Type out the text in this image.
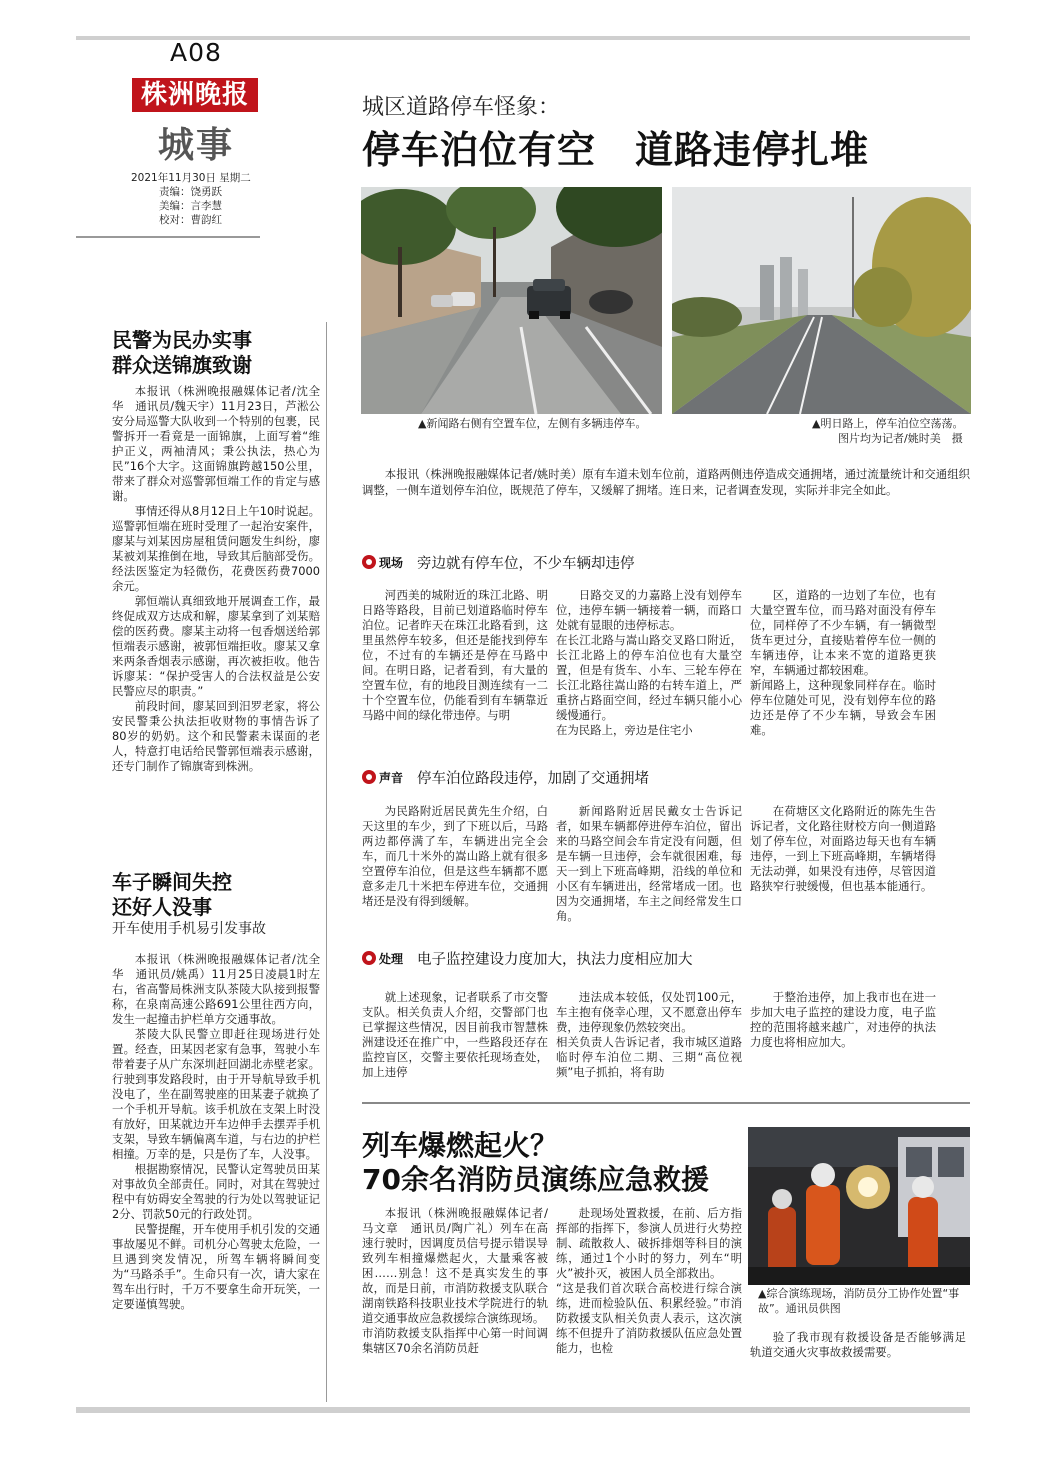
A08
株洲晚报
城事
2021年11月30日 星期二
责编：饶勇跃
美编：言李慧
校对：曹韵红
城区道路停车怪象：
停车泊位有空　道路违停扎堆
▲新闻路右侧有空置车位，左侧有多辆违停车。	▲明日路上，停车泊位空荡荡。
图片均为记者/姚时美　摄
本报讯（株洲晚报融媒体记者/姚时美）原有车道未划车位前，道路两侧违停造成交通拥堵，通过流量统计和交通组织调整，一侧车道划停车泊位，既规范了停车，又缓解了拥堵。连日来，记者调查发现，实际并非完全如此。
现场 旁边就有停车位，不少车辆却违停
河西美的城附近的珠江北路、明日路等路段，目前已划道路临时停车泊位。记者昨天在珠江北路看到，这里虽然停车较多，但还是能找到停车位，不过有的车辆还是停在马路中间。在明日路，记者看到，有大量的空置车位，有的地段目测连续有一二十个空置车位，仍能看到有车辆靠近马路中间的绿化带违停。与明
日路交叉的力嘉路上没有划停车位，违停车辆一辆接着一辆，而路口处就有显眼的违停标志。
在长江北路与嵩山路交叉路口附近，长江北路上的停车泊位也有大量空置，但是有货车、小车、三轮车停在长江北路往嵩山路的右转车道上，严重挤占路面空间，经过车辆只能小心缓慢通行。
在为民路上，旁边是住宅小
区，道路的一边划了车位，也有大量空置车位，而马路对面没有停车位，同样停了不少车辆，有一辆微型货车更过分，直接贴着停车位一侧的车辆违停，让本来不宽的道路更狭窄，车辆通过都较困难。
新闻路上，这种现象同样存在。临时停车位随处可见，没有划停车位的路边还是停了不少车辆，导致会车困难。
声音 停车泊位路段违停，加剧了交通拥堵
为民路附近居民黄先生介绍，白天这里的车少，到了下班以后，马路两边都停满了车，车辆进出完全会车，而几十米外的嵩山路上就有很多空置停车泊位，但是这些车辆都不愿意多走几十米把车停进车位，交通拥堵还是没有得到缓解。
新闻路附近居民戴女士告诉记者，如果车辆都停进停车泊位，留出来的马路空间会车肯定没有问题，但是车辆一旦违停，会车就很困难，每天一到上下班高峰期，沿线的单位和小区有车辆进出，经常堵成一团。也因为交通拥堵，车主之间经常发生口角。
在荷塘区文化路附近的陈先生告诉记者，文化路往财校方向一侧道路划了停车位，对面路边每天也有车辆违停，一到上下班高峰期，车辆堵得无法动弹，如果没有违停，尽管因道路狭窄行驶缓慢，但也基本能通行。
处理 电子监控建设力度加大，执法力度相应加大
就上述现象，记者联系了市交警支队。相关负责人介绍，交警部门也已掌握这些情况，因目前我市智慧株洲建设还在推广中，一些路段还存在监控盲区，交警主要依托现场查处，加上违停
违法成本较低，仅处罚100元，车主抱有侥幸心理，又不愿意出停车费，违停现象仍然较突出。
相关负责人告诉记者，我市城区道路临时停车泊位二期、三期“高位视频”电子抓拍，将有助
于整治违停，加上我市也在进一步加大电子监控的建设力度，电子监控的范围将越来越广，对违停的执法力度也将相应加大。
列车爆燃起火？
70余名消防员演练应急救援
▲综合演练现场，消防员分工协作处置“事故”。通讯员供图
本报讯（株洲晚报融媒体记者/马文章　通讯员/陶广礼）列车在高速行驶时，因调度员信号提示错误导致列车相撞爆燃起火，大量乘客被困……别急！这不是真实发生的事故，而是日前，市消防救援支队联合湖南铁路科技职业技术学院进行的轨道交通事故应急救援综合演练现场。
市消防救援支队指挥中心第一时间调集辖区70余名消防员赶
赴现场处置救援，在前、后方指挥部的指挥下，参演人员进行火势控制、疏散救人、破拆排烟等科目的演练，通过1个小时的努力，列车“明火”被扑灭，被困人员全部救出。
“这是我们首次联合高校进行综合演练，进而检验队伍、积累经验。”市消防救援支队相关负责人表示，这次演练不但提升了消防救援队伍应急处置能力，也检
验了我市现有救援设备是否能够满足轨道交通火灾事故救援需要。
民警为民办实事
群众送锦旗致谢

本报讯（株洲晚报融媒体记者/沈全华　通讯员/魏天宇）11月23日，芦淞公安分局巡警大队收到一个特别的包裹，民警拆开一看竟是一面锦旗，上面写着“维护正义，两袖清风；秉公执法，热心为民”16个大字。这面锦旗跨越150公里，带来了群众对巡警郭恒端工作的肯定与感谢。

事情还得从8月12日上午10时说起。巡警郭恒端在班时受理了一起治安案件，廖某与刘某因房屋租赁问题发生纠纷，廖某被刘某推倒在地，导致其后脑部受伤。经法医鉴定为轻微伤，花费医药费7000余元。

郭恒端认真细致地开展调查工作，最终促成双方达成和解，廖某拿到了刘某赔偿的医药费。廖某主动将一包香烟送给郭恒端表示感谢，被郭恒端拒收。廖某又拿来两条香烟表示感谢，再次被拒收。他告诉廖某：“保护受害人的合法权益是公安民警应尽的职责。”

前段时间，廖某回到汨罗老家，将公安民警秉公执法拒收财物的事情告诉了80岁的奶奶。这个和民警素未谋面的老人，特意打电话给民警郭恒端表示感谢，还专门制作了锦旗寄到株洲。

车子瞬间失控
还好人没事
开车使用手机易引发事故

本报讯（株洲晚报融媒体记者/沈全华　通讯员/姚禹）11月25日凌晨1时左右，省高警局株洲支队茶陵大队接到报警称，在泉南高速公路691公里往西方向，发生一起撞击护栏单方交通事故。

茶陵大队民警立即赶往现场进行处置。经查，田某因老家有急事，驾驶小车带着妻子从广东深圳赶回湖北赤壁老家。行驶到事发路段时，由于开导航导致手机没电了，坐在副驾驶座的田某妻子就换了一个手机开导航。该手机放在支架上时没有放好，田某就边开车边伸手去摆弄手机支架，导致车辆偏离车道，与右边的护栏相撞。万幸的是，只是伤了车，人没事。

根据勘察情况，民警认定驾驶员田某对事故负全部责任。同时，对其在驾驶过程中有妨碍安全驾驶的行为处以驾驶证记2分、罚款50元的行政处罚。

民警提醒，开车使用手机引发的交通事故屡见不鲜。司机分心驾驶太危险，一旦遇到突发情况，所驾车辆将瞬间变为“马路杀手”。生命只有一次，请大家在驾车出行时，千万不要拿生命开玩笑，一定要谨慎驾驶。
